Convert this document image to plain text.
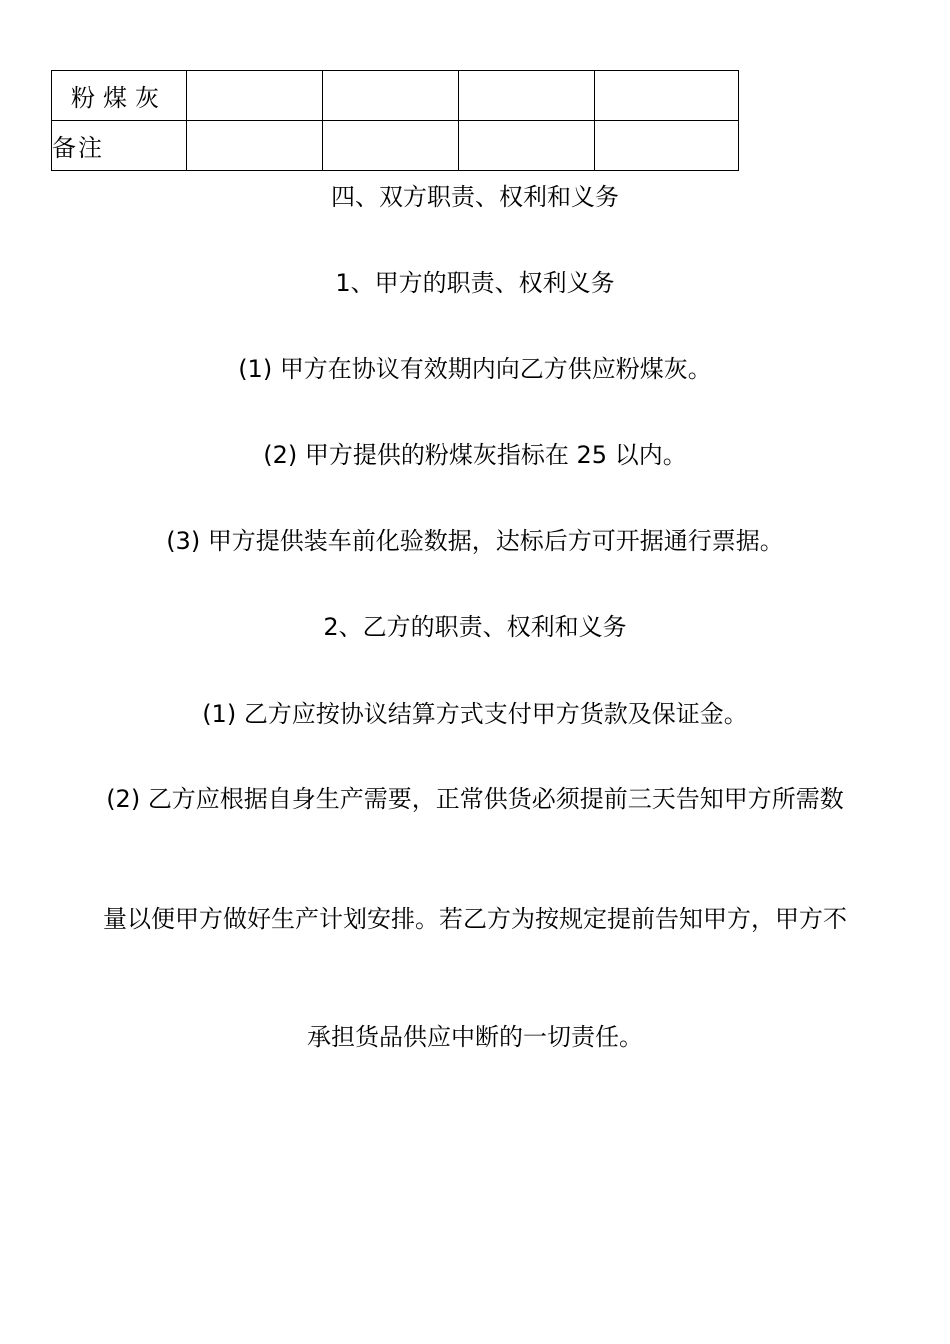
粉煤灰				
备注				
四、双方职责、权利和义务
1、甲方的职责、权利义务
(1) 甲方在协议有效期内向乙方供应粉煤灰。
(2) 甲方提供的粉煤灰指标在 25 以内。
(3) 甲方提供装车前化验数据，达标后方可开据通行票据。
2、乙方的职责、权利和义务
(1) 乙方应按协议结算方式支付甲方货款及保证金。
(2) 乙方应根据自身生产需要，正常供货必须提前三天告知甲方所需数
量以便甲方做好生产计划安排。若乙方为按规定提前告知甲方，甲方不
承担货品供应中断的一切责任。
